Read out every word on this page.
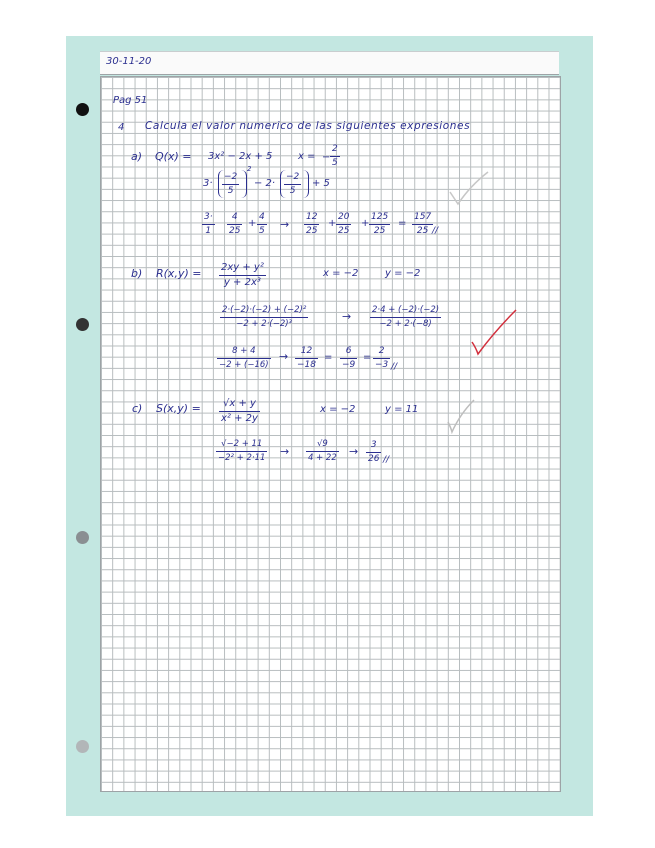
30-11-20
Pag 51
4 Calcula el valor numerico de las siguientes expresiones
a) Q(x) = 3x² − 2x + 5	x = −
2
5
3·
−2
5
2
− 2·
−2
5
+ 5
3·
1
4
25
+
4
5 →
12
25
+
20
25
+
125
25
=
157
25 //
b) R(x,y) = 2xy + y²
y + 2x³
x = −2	y = −2
2·(−2)·(−2) + (−2)²
−2 + 2·(−2)³
→ 2·4 + (−2)·(−2)
−2 + 2·(−8)
8 + 4
−2 + (−16)
→ 12
−18
=
6
−9
=
2
−3 //
c) S(x,y) = √x + y
x² + 2y
x = −2	y = 11
√−2 + 11
−2² + 2·11 →
√9
4 + 22 → 3
26 //
